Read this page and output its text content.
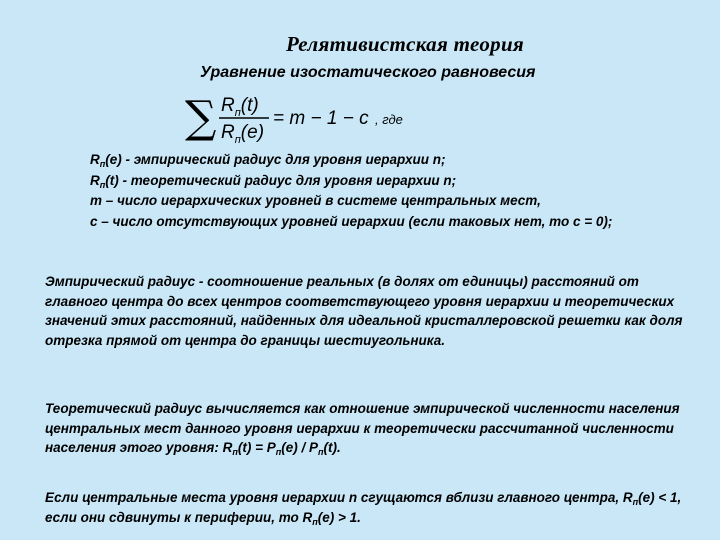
Релятивистская теория
Уравнение изостатического равновесия
∑ $R_п(t)$
$R_п(e)$
= m − 1 − c , где
$R_п(е)$ - эмпирический радиус для уровня иерархии n;
$R_п(t)$ - теоретический радиус для уровня иерархии n;
m – число иерархических уровней в системе центральных мест,
c – число отсутствующих уровней иерархии (если таковых нет, то с = 0);
Эмпирический радиус - соотношение реальных (в долях от единицы) расстояний от главного центра до всех центров соответствующего уровня иерархии и теоретических значений этих расстояний, найденных для идеальной кристаллеровской решетки как доля отрезка прямой от центра до границы шестиугольника.
Теоретический радиус вычисляется как отношение эмпирической численности населения центральных мест данного уровня иерархии к теоретически рассчитанной численности населения этого уровня: $R_п(t) = P_п(е) / P_п(t)$.
Если центральные места уровня иерархии n сгущаются вблизи главного центра, $R_п(е) < 1$, если они сдвинуты к периферии, то $R_п(е) > 1$.
